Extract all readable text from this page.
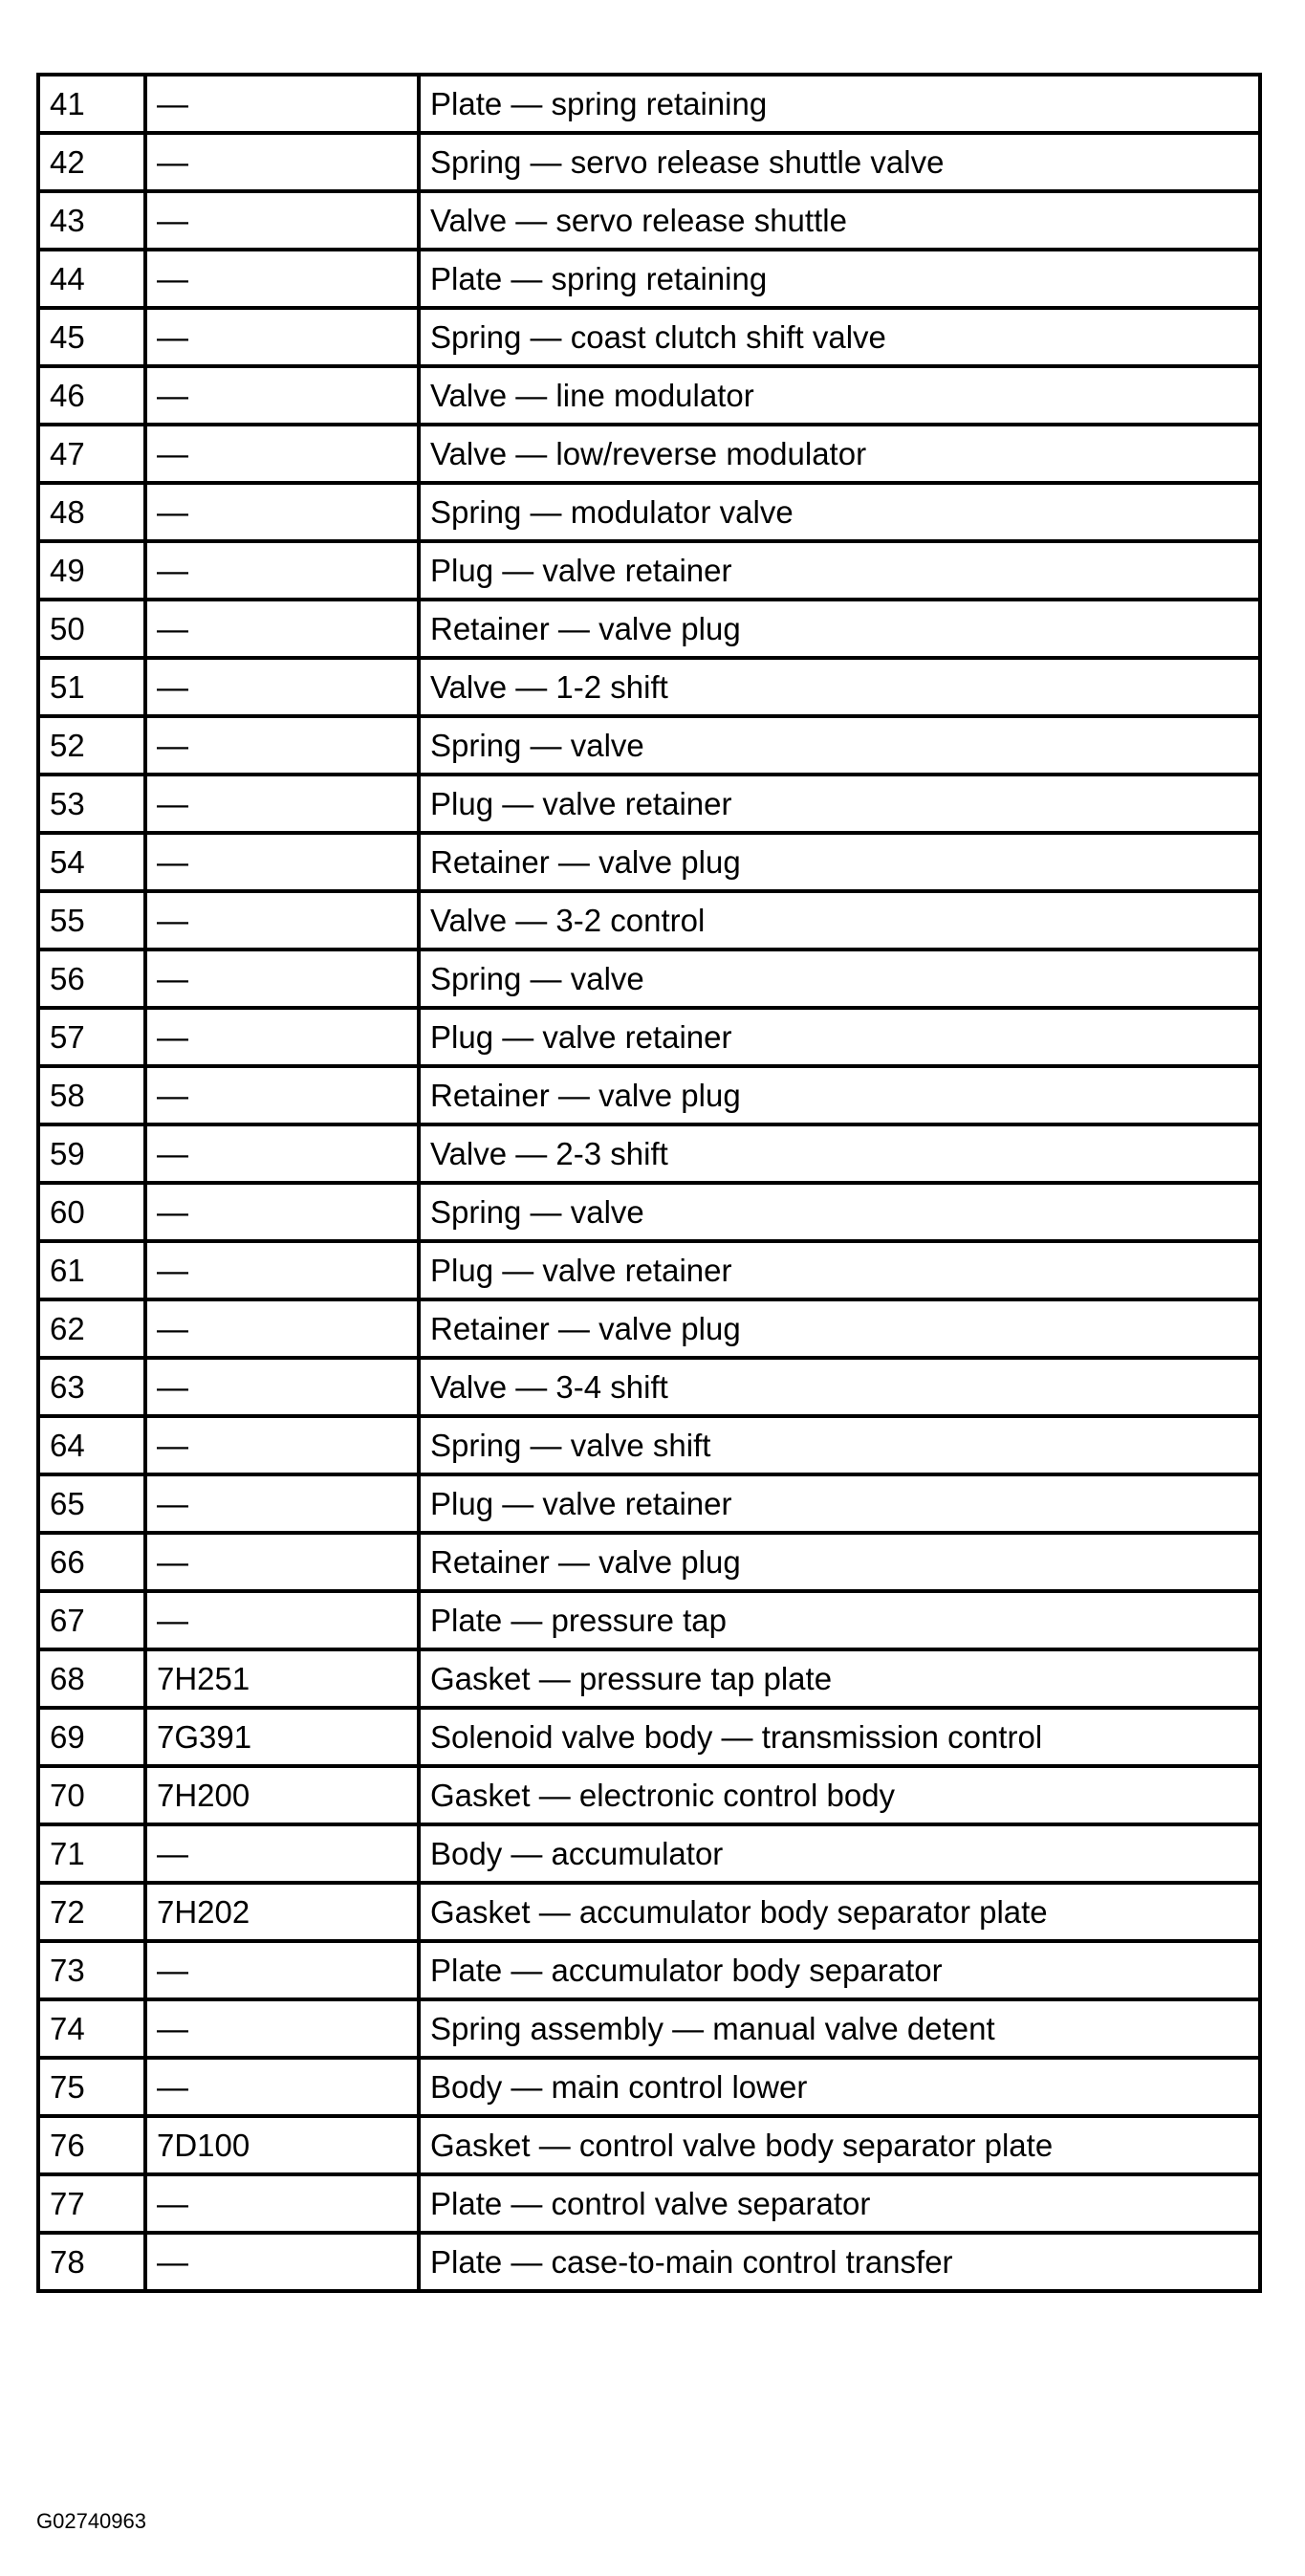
41	—	Plate — spring retaining
42	—	Spring — servo release shuttle valve
43	—	Valve — servo release shuttle
44	—	Plate — spring retaining
45	—	Spring — coast clutch shift valve
46	—	Valve — line modulator
47	—	Valve — low/reverse modulator
48	—	Spring — modulator valve
49	—	Plug — valve retainer
50	—	Retainer — valve plug
51	—	Valve — 1-2 shift
52	—	Spring — valve
53	—	Plug — valve retainer
54	—	Retainer — valve plug
55	—	Valve — 3-2 control
56	—	Spring — valve
57	—	Plug — valve retainer
58	—	Retainer — valve plug
59	—	Valve — 2-3 shift
60	—	Spring — valve
61	—	Plug — valve retainer
62	—	Retainer — valve plug
63	—	Valve — 3-4 shift
64	—	Spring — valve shift
65	—	Plug — valve retainer
66	—	Retainer — valve plug
67	—	Plate — pressure tap
68	7H251	Gasket — pressure tap plate
69	7G391	Solenoid valve body — transmission control
70	7H200	Gasket — electronic control body
71	—	Body — accumulator
72	7H202	Gasket — accumulator body separator plate
73	—	Plate — accumulator body separator
74	—	Spring assembly — manual valve detent
75	—	Body — main control lower
76	7D100	Gasket — control valve body separator plate
77	—	Plate — control valve separator
78	—	Plate — case-to-main control transfer
G02740963
